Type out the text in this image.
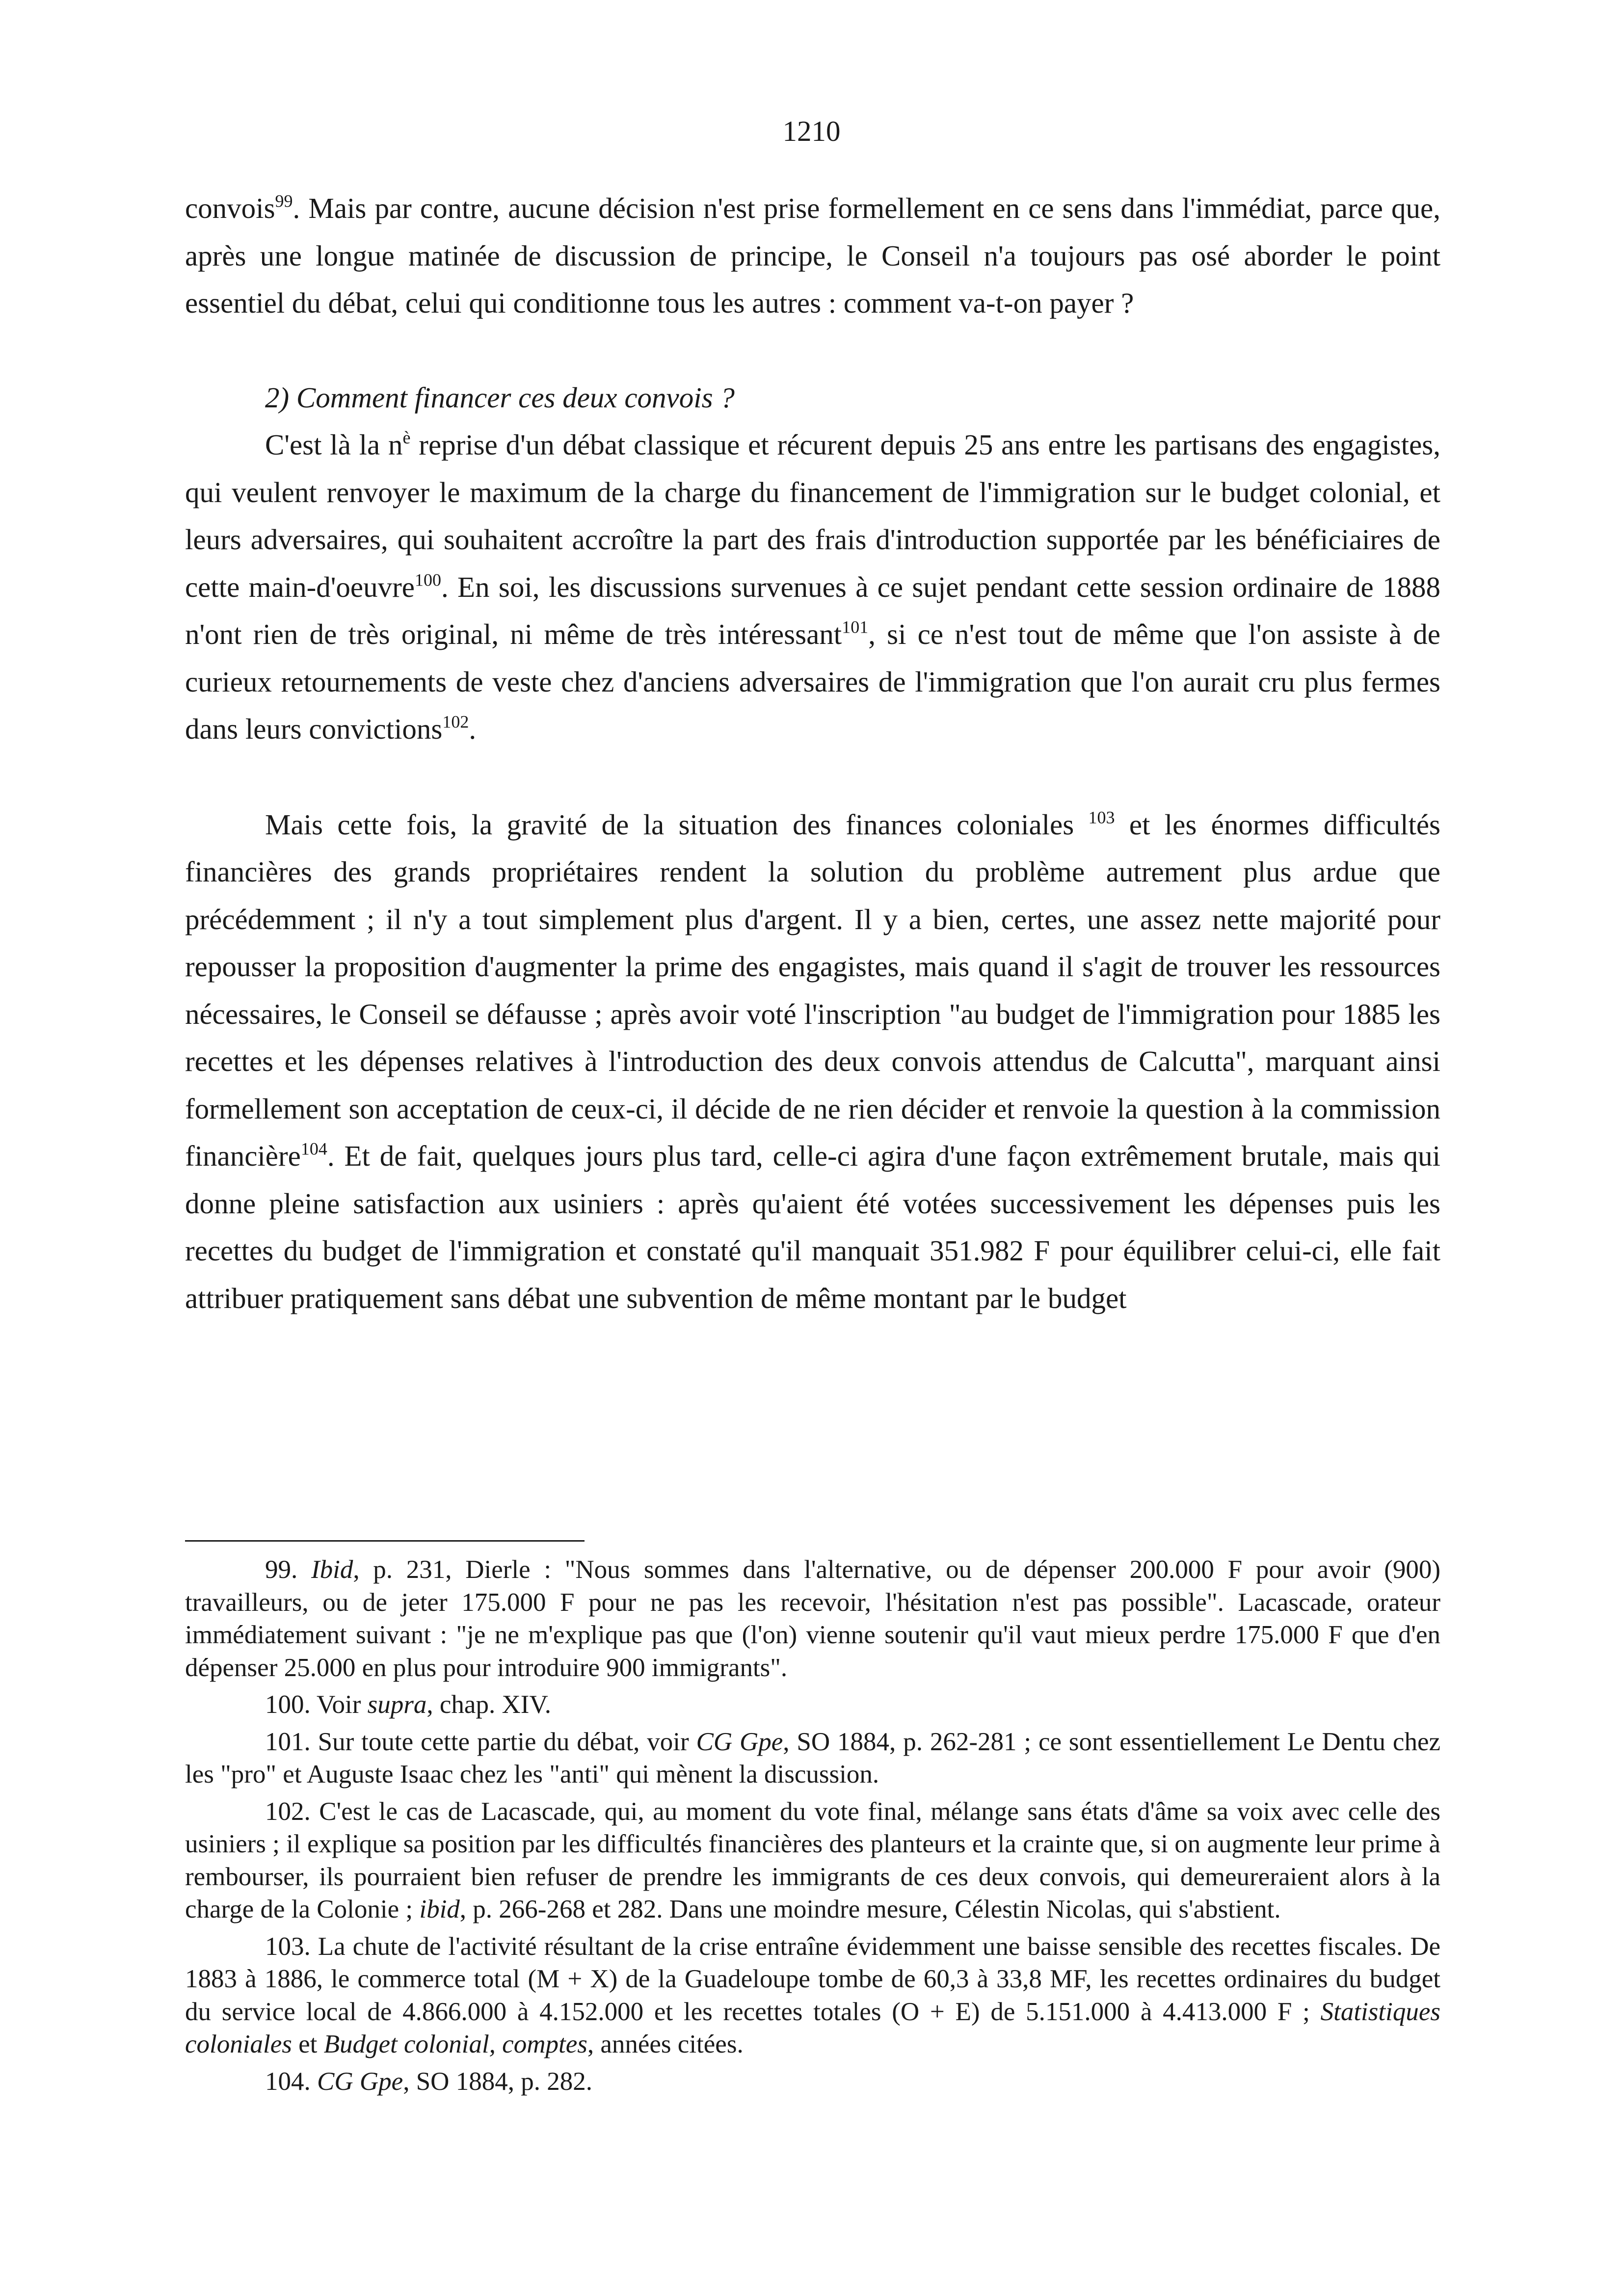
1210

convois$^{99}$. Mais par contre, aucune décision n'est prise formellement en ce sens dans l'immédiat, parce que, après une longue matinée de discussion de principe, le Conseil n'a toujours pas osé aborder le point essentiel du débat, celui qui conditionne tous les autres : comment va-t-on payer ?

2) Comment financer ces deux convois ?

C'est là la $n^è$ reprise d'un débat classique et récurent depuis 25 ans entre les partisans des engagistes, qui veulent renvoyer le maximum de la charge du financement de l'immigration sur le budget colonial, et leurs adversaires, qui souhaitent accroître la part des frais d'introduction supportée par les bénéficiaires de cette main-d'oeuvre$^{100}$. En soi, les discussions survenues à ce sujet pendant cette session ordinaire de 1888 n'ont rien de très original, ni même de très intéressant$^{101}$, si ce n'est tout de même que l'on assiste à de curieux retournements de veste chez d'anciens adversaires de l'immigration que l'on aurait cru plus fermes dans leurs convictions$^{102}$.

Mais cette fois, la gravité de la situation des finances coloniales $^{103}$ et les énormes difficultés financières des grands propriétaires rendent la solution du problème autrement plus ardue que précédemment ; il n'y a tout simplement plus d'argent. Il y a bien, certes, une assez nette majorité pour repousser la proposition d'augmenter la prime des engagistes, mais quand il s'agit de trouver les ressources nécessaires, le Conseil se défausse ; après avoir voté l'inscription "au budget de l'immigration pour 1885 les recettes et les dépenses relatives à l'introduction des deux convois attendus de Calcutta", marquant ainsi formellement son acceptation de ceux-ci, il décide de ne rien décider et renvoie la question à la commission financière$^{104}$. Et de fait, quelques jours plus tard, celle-ci agira d'une façon extrêmement brutale, mais qui donne pleine satisfaction aux usiniers : après qu'aient été votées successivement les dépenses puis les recettes du budget de l'immigration et constaté qu'il manquait 351.982 F pour équilibrer celui-ci, elle fait attribuer pratiquement sans débat une subvention de même montant par le budget

99. Ibid, p. 231, Dierle : "Nous sommes dans l'alternative, ou de dépenser 200.000 F pour avoir (900) travailleurs, ou de jeter 175.000 F pour ne pas les recevoir, l'hésitation n'est pas possible". Lacascade, orateur immédiatement suivant : "je ne m'explique pas que (l'on) vienne soutenir qu'il vaut mieux perdre 175.000 F que d'en dépenser 25.000 en plus pour introduire 900 immigrants".

100. Voir supra, chap. XIV.

101. Sur toute cette partie du débat, voir CG Gpe, SO 1884, p. 262-281 ; ce sont essentiellement Le Dentu chez les "pro" et Auguste Isaac chez les "anti" qui mènent la discussion.

102. C'est le cas de Lacascade, qui, au moment du vote final, mélange sans états d'âme sa voix avec celle des usiniers ; il explique sa position par les difficultés financières des planteurs et la crainte que, si on augmente leur prime à rembourser, ils pourraient bien refuser de prendre les immigrants de ces deux convois, qui demeureraient alors à la charge de la Colonie ; ibid, p. 266-268 et 282. Dans une moindre mesure, Célestin Nicolas, qui s'abstient.

103. La chute de l'activité résultant de la crise entraîne évidemment une baisse sensible des recettes fiscales. De 1883 à 1886, le commerce total (M + X) de la Guadeloupe tombe de 60,3 à 33,8 MF, les recettes ordinaires du budget du service local de 4.866.000 à 4.152.000 et les recettes totales (O + E) de 5.151.000 à 4.413.000 F ; Statistiques coloniales et Budget colonial, comptes, années citées.

104. CG Gpe, SO 1884, p. 282.
